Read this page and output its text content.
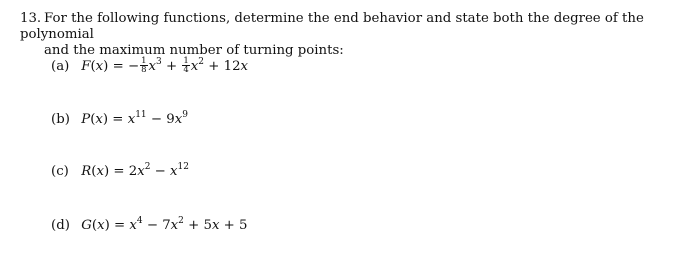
13. For the following functions, determine the end behavior and state both the degree of the polynomial
and the maximum number of turning points:

(a) F(x) = − $\frac{1}{8} x^3 + \frac{1}{4} x^2 + 12x$
(b) $P(x) = x^{11} - 9x^9$
(c) $R(x) = 2x^2 - x^{12}$
(d) $G(x) = x^4 - 7x^2 + 5x + 5$
